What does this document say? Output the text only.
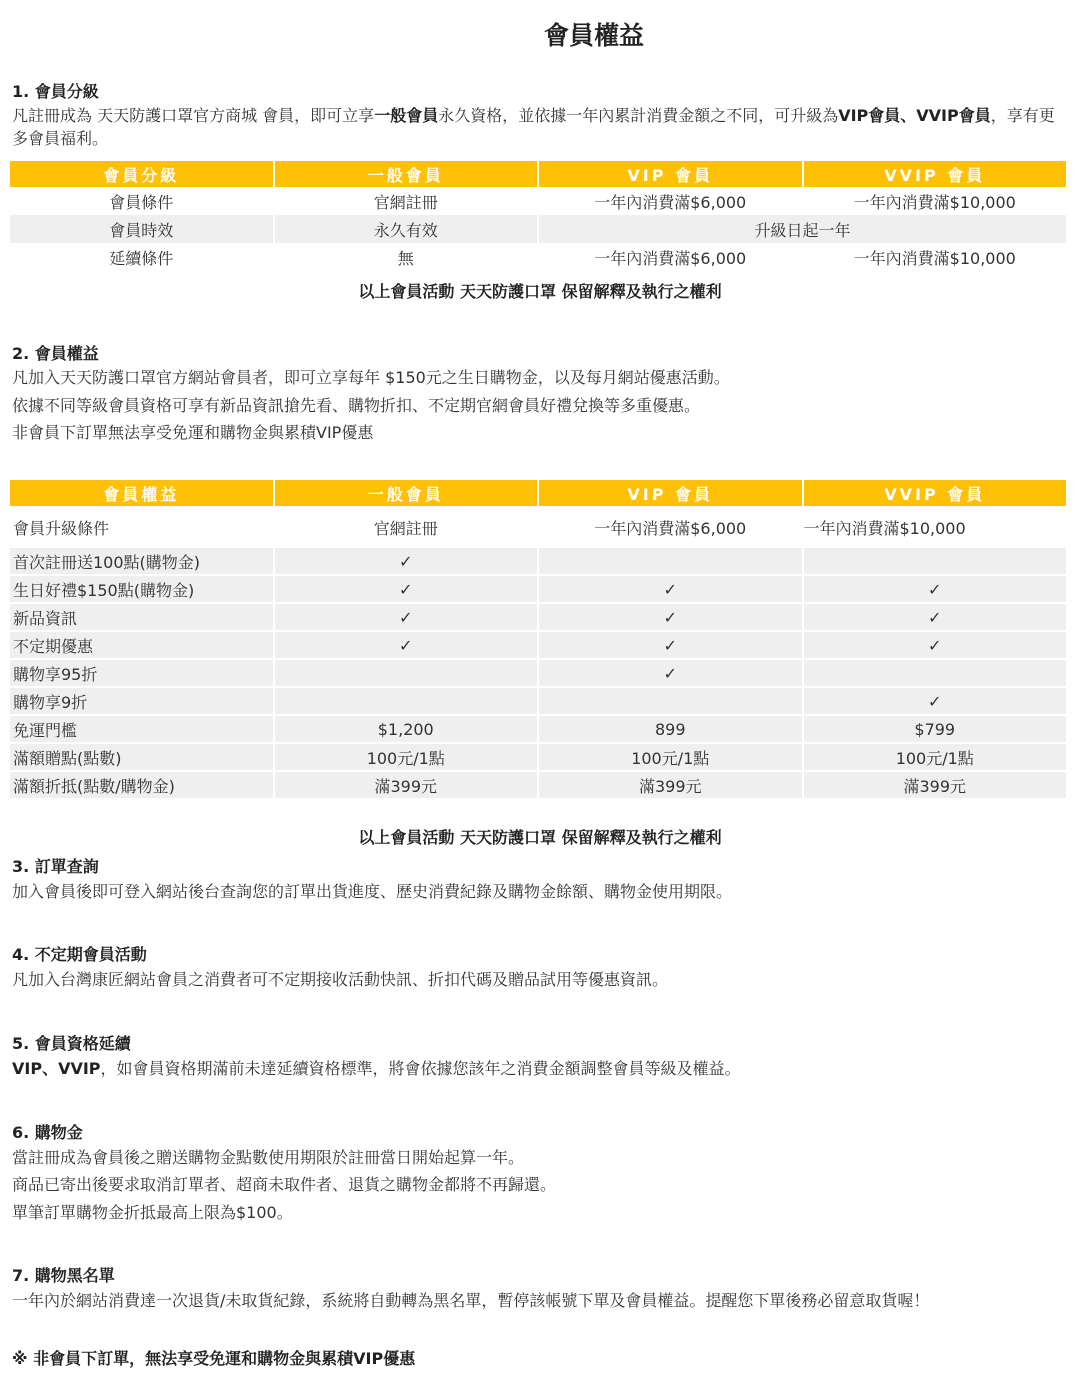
會員權益
1. 會員分級

凡註冊成為 天天防護口罩官方商城 會員，即可立享一般會員永久資格，並依據一年內累計消費金額之不同，可升級為VIP會員、VVIP會員，享有更多會員福利。

會員分級	一般會員	VIP 會員	VVIP 會員
會員條件	官網註冊	一年內消費滿$6,000	一年內消費滿$10,000
會員時效	永久有效	升級日起一年	
延續條件	無	一年內消費滿$6,000	一年內消費滿$10,000
以上會員活動 天天防護口罩 保留解釋及執行之權利
2. 會員權益

凡加入天天防護口罩官方網站會員者，即可立享每年 $150元之生日購物金，以及每月網站優惠活動。

依據不同等級會員資格可享有新品資訊搶先看、購物折扣、不定期官網會員好禮兌換等多重優惠。

非會員下訂單無法享受免運和購物金與累積VIP優惠

會員權益	一般會員	VIP 會員	VVIP 會員
會員升級條件	官網註冊	一年內消費滿$6,000	一年內消費滿$10,000
首次註冊送100點(購物金)	✓		
生日好禮$150點(購物金)	✓	✓	✓
新品資訊	✓	✓	✓
不定期優惠	✓	✓	✓
購物享95折		✓	
購物享9折			✓
免運門檻	$1,200	899	$799
滿額贈點(點數)	100元/1點	100元/1點	100元/1點
滿額折抵(點數/購物金)	滿399元	滿399元	滿399元
以上會員活動 天天防護口罩 保留解釋及執行之權利
3. 訂單查詢

加入會員後即可登入網站後台查詢您的訂單出貨進度、歷史消費紀錄及購物金餘額、購物金使用期限。

4. 不定期會員活動

凡加入台灣康匠網站會員之消費者可不定期接收活動快訊、折扣代碼及贈品試用等優惠資訊。

5. 會員資格延續

VIP、VVIP，如會員資格期滿前未達延續資格標準，將會依據您該年之消費金額調整會員等級及權益。

6. 購物金

當註冊成為會員後之贈送購物金點數使用期限於註冊當日開始起算一年。

商品已寄出後要求取消訂單者、超商未取件者、退貨之購物金都將不再歸還。

單筆訂單購物金折抵最高上限為$100。

7. 購物黑名單

一年內於網站消費達一次退貨/未取貨紀錄，系統將自動轉為黑名單，暫停該帳號下單及會員權益。提醒您下單後務必留意取貨喔！

※ 非會員下訂單，無法享受免運和購物金與累積VIP優惠
